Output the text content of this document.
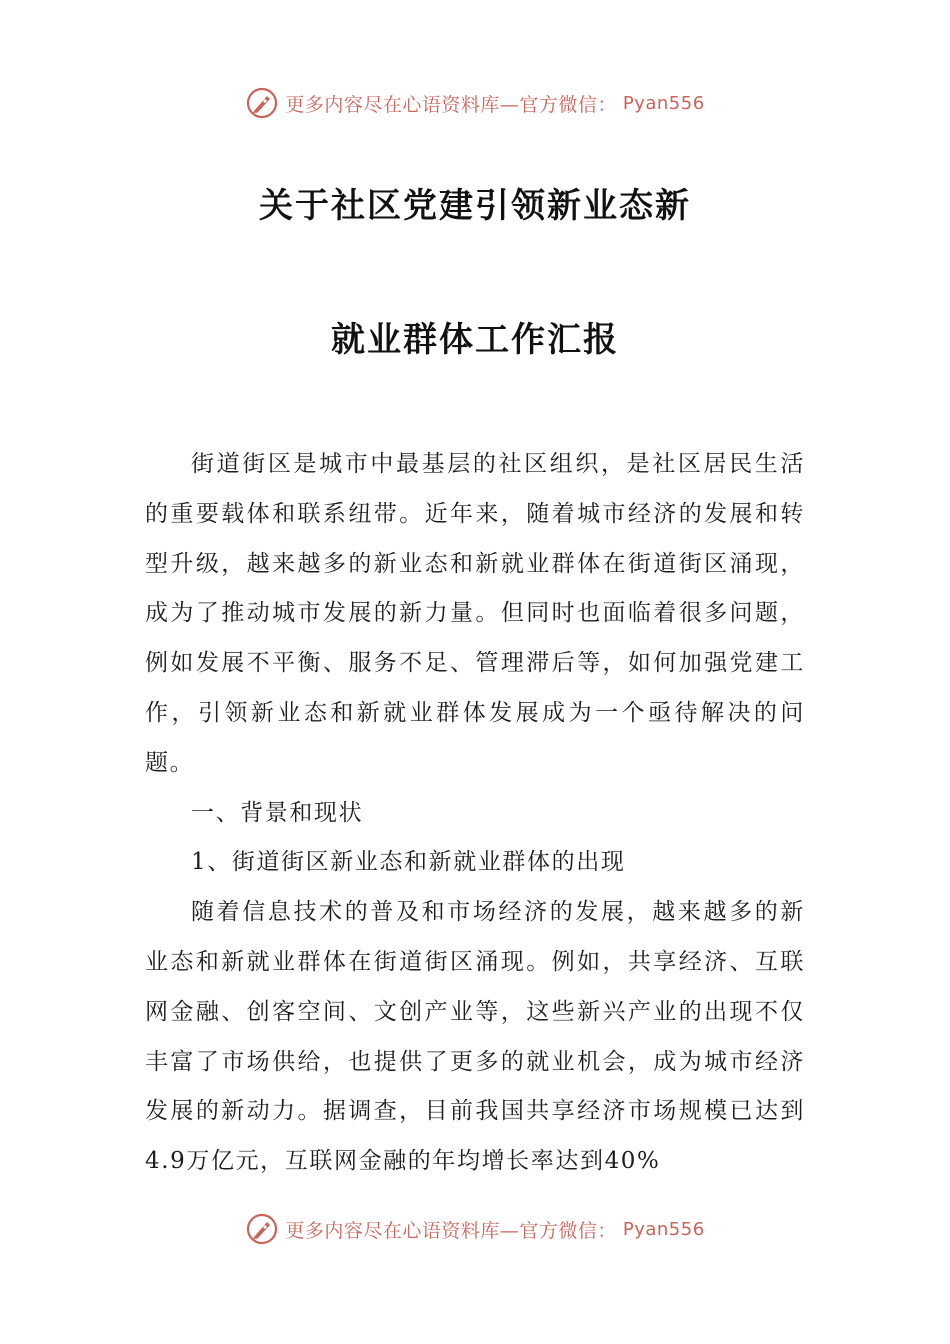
更多内容尽在心语资料库—官方微信： Pyan556
关于社区党建引领新业态新
就业群体工作汇报

街道街区是城市中最基层的社区组织，是社区居民生活的重要载体和联系纽带。近年来，随着城市经济的发展和转型升级，越来越多的新业态和新就业群体在街道街区涌现，成为了推动城市发展的新力量。但同时也面临着很多问题，例如发展不平衡、服务不足、管理滞后等，如何加强党建工作，引领新业态和新就业群体发展成为一个亟待解决的问题。

一、背景和现状

1、街道街区新业态和新就业群体的出现

随着信息技术的普及和市场经济的发展，越来越多的新业态和新就业群体在街道街区涌现。例如，共享经济、互联网金融、创客空间、文创产业等，这些新兴产业的出现不仅丰富了市场供给，也提供了更多的就业机会，成为城市经济发展的新动力。据调查，目前我国共享经济市场规模已达到4.9万亿元，互联网金融的年均增长率达到40%

更多内容尽在心语资料库—官方微信： Pyan556
